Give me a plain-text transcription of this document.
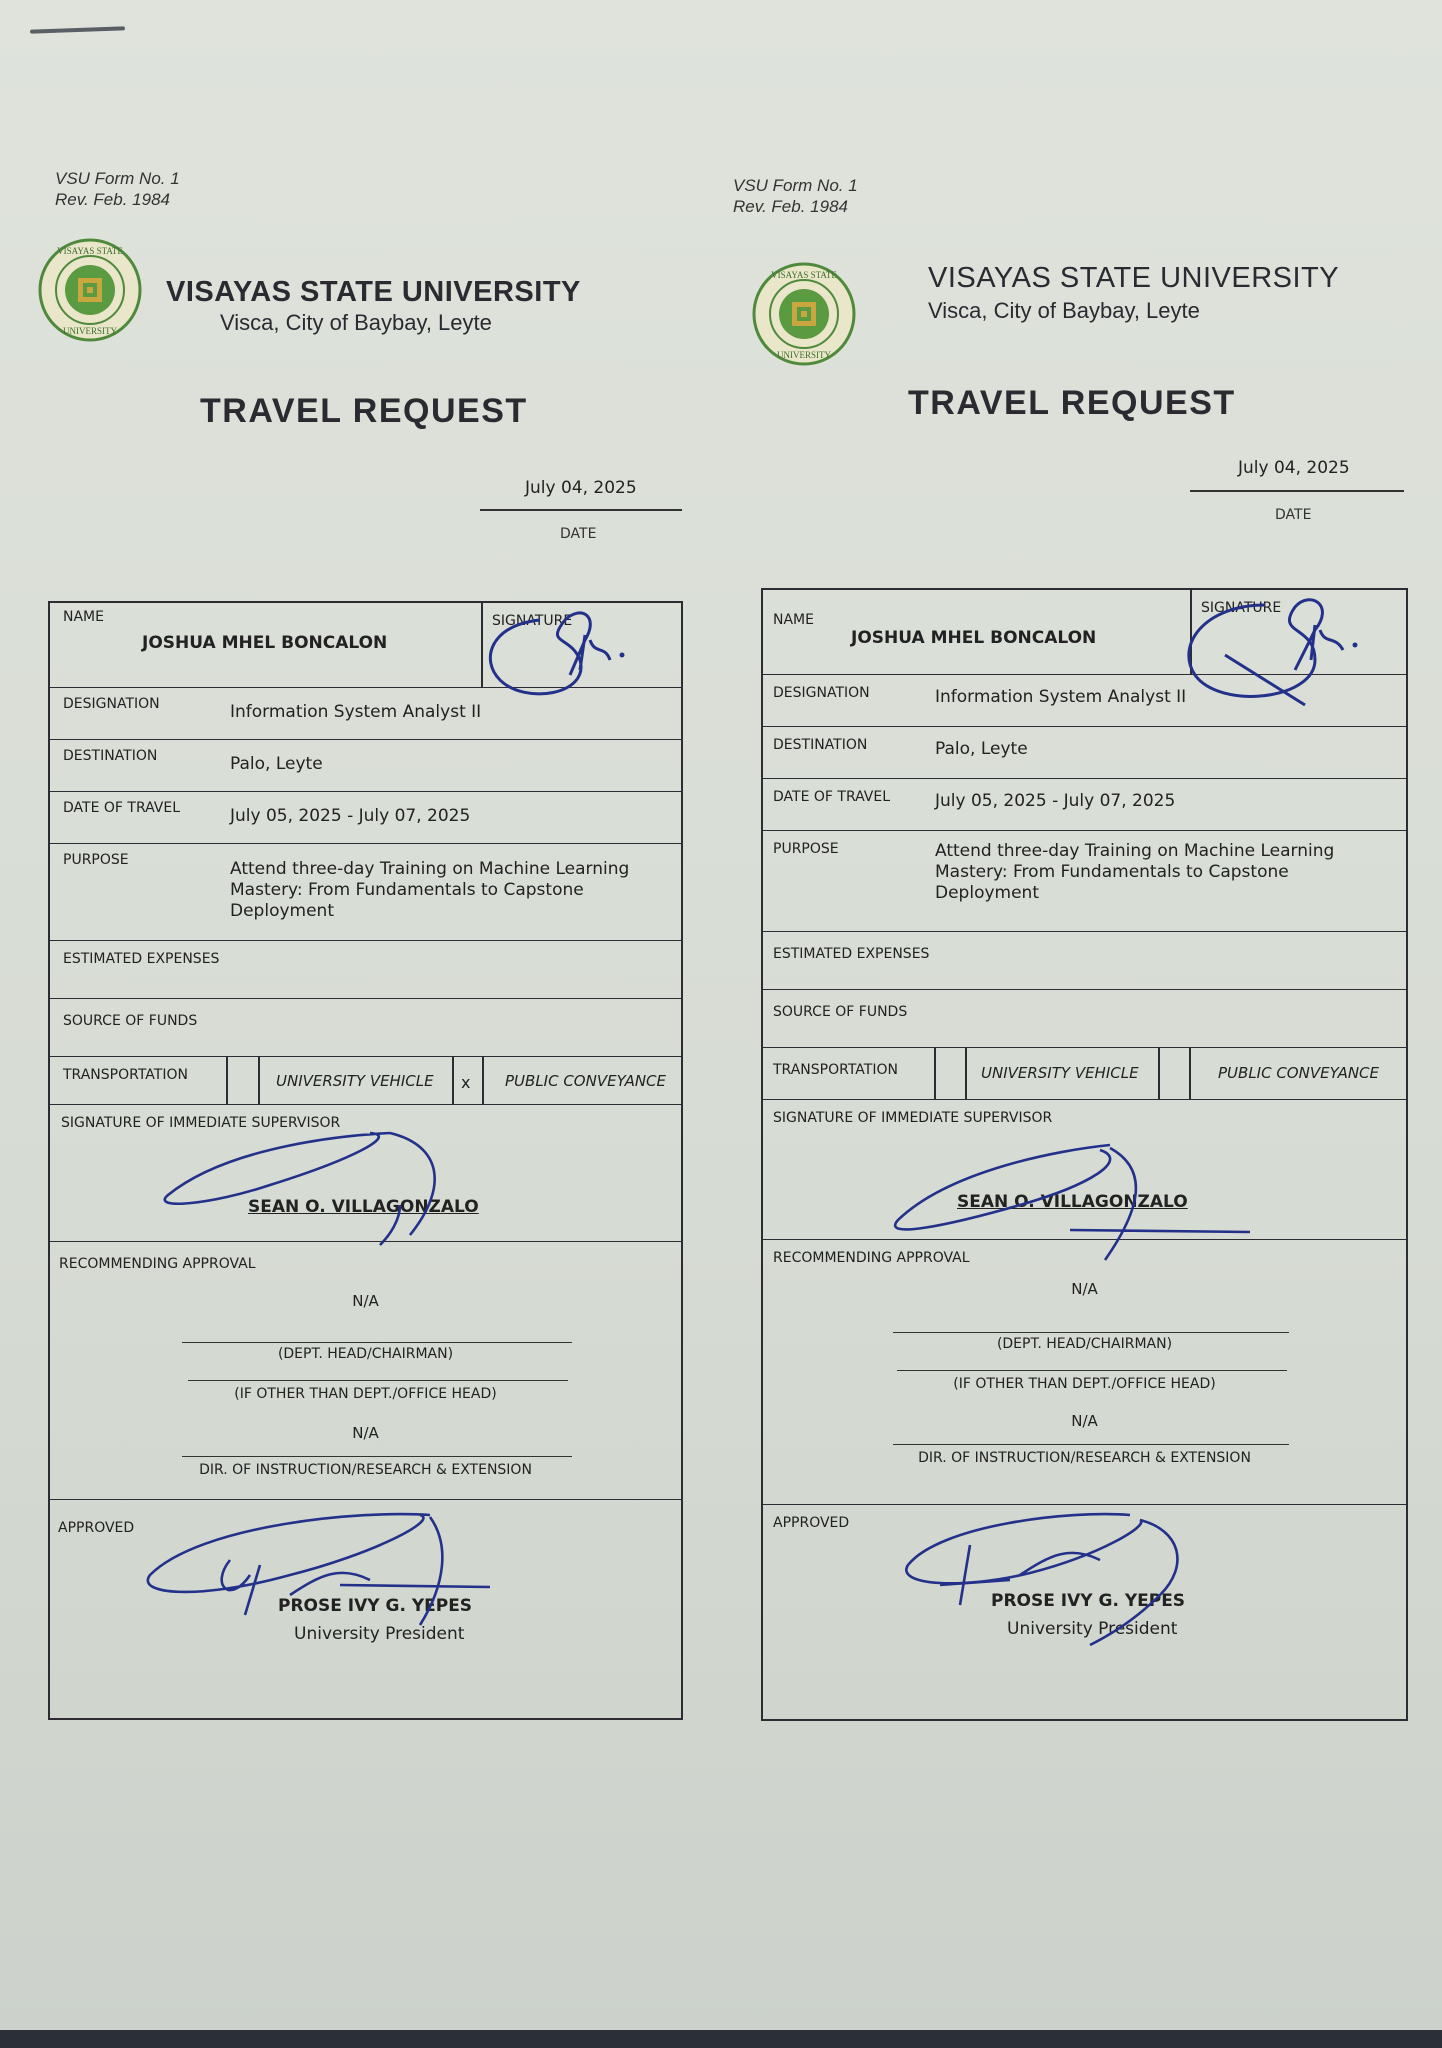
VSU Form No. 1
Rev. Feb. 1984
VISAYAS STATE
UNIVERSITY
VISAYAS STATE UNIVERSITY
Visca, City of Baybay, Leyte
TRAVEL REQUEST
July 04, 2025
DATE
NAME
JOSHUA MHEL BONCALON
SIGNATURE
DESIGNATION	Information System Analyst II
DESTINATION	Palo, Leyte
DATE OF TRAVEL	July 05, 2025 - July 07, 2025
PURPOSE	Attend three-day Training on Machine Learning
Mastery: From Fundamentals to Capstone
Deployment
ESTIMATED EXPENSES
SOURCE OF FUNDS
TRANSPORTATION	UNIVERSITY VEHICLE x PUBLIC CONVEYANCE
SIGNATURE OF IMMEDIATE SUPERVISOR
SEAN O. VILLAGONZALO
RECOMMENDING APPROVAL
N/A
(DEPT. HEAD/CHAIRMAN)
(IF OTHER THAN DEPT./OFFICE HEAD)
N/A
DIR. OF INSTRUCTION/RESEARCH & EXTENSION
APPROVED
PROSE IVY G. YEPES
University President
VSU Form No. 1
Rev. Feb. 1984
VISAYAS STATE
UNIVERSITY
VISAYAS STATE UNIVERSITY
Visca, City of Baybay, Leyte
TRAVEL REQUEST
July 04, 2025
DATE
NAME
JOSHUA MHEL BONCALON
SIGNATURE
DESIGNATION	Information System Analyst II
DESTINATION	Palo, Leyte
DATE OF TRAVEL	July 05, 2025 - July 07, 2025
PURPOSE	Attend three-day Training on Machine Learning
Mastery: From Fundamentals to Capstone
Deployment
ESTIMATED EXPENSES
SOURCE OF FUNDS
TRANSPORTATION	UNIVERSITY VEHICLE	PUBLIC CONVEYANCE
SIGNATURE OF IMMEDIATE SUPERVISOR
SEAN O. VILLAGONZALO
RECOMMENDING APPROVAL
N/A
(DEPT. HEAD/CHAIRMAN)
(IF OTHER THAN DEPT./OFFICE HEAD)
N/A
DIR. OF INSTRUCTION/RESEARCH & EXTENSION
APPROVED
PROSE IVY G. YEPES
University President
